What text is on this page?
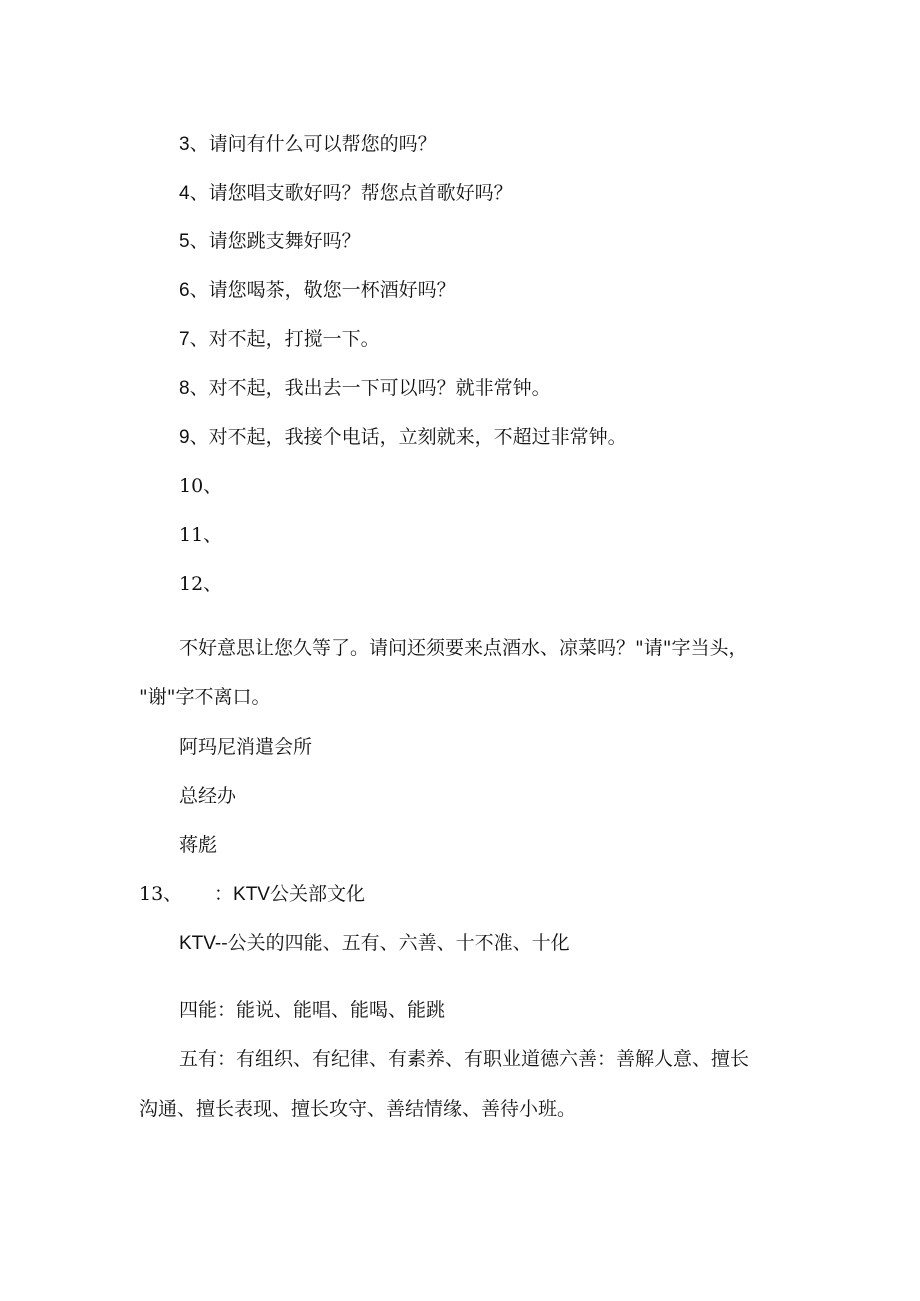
3、请问有什么可以帮您的吗？
4、请您唱支歌好吗？帮您点首歌好吗？
5、请您跳支舞好吗？
6、请您喝茶，敬您一杯酒好吗？
7、对不起，打搅一下。
8、对不起，我出去一下可以吗？就非常钟。
9、对不起，我接个电话，立刻就来，不超过非常钟。
10、
11、
12、
不好意思让您久等了。请问还须要来点酒水、凉菜吗？"请"字当头，
"谢"字不离口。
阿玛尼消遣会所
总经办
蒋彪
13、 ：KTV公关部文化
KTV--公关的四能、五有、六善、十不准、十化
四能：能说、能唱、能喝、能跳
五有：有组织、有纪律、有素养、有职业道德六善：善解人意、擅长
沟通、擅长表现、擅长攻守、善结情缘、善待小班。
